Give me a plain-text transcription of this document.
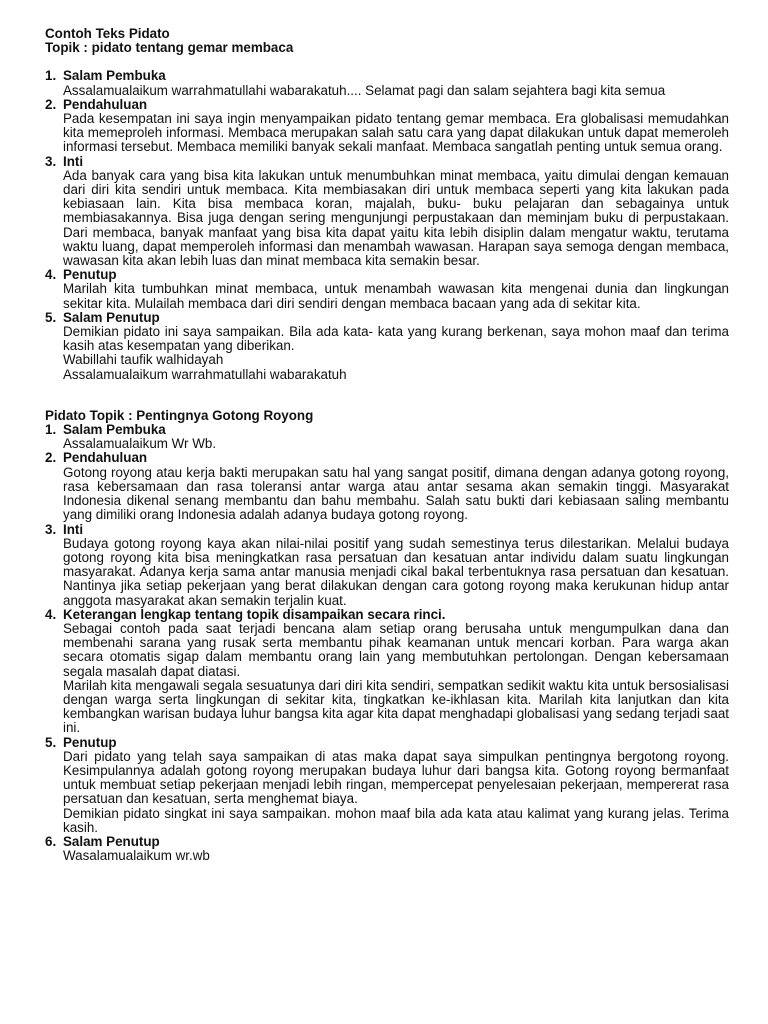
Contoh Teks Pidato

Topik : pidato tentang gemar membaca

1. Salam Pembuka

Assalamualaikum warrahmatullahi wabarakatuh.... Selamat pagi dan salam sejahtera bagi kita semua

2. Pendahuluan

Pada kesempatan ini saya ingin menyampaikan pidato tentang gemar membaca. Era globalisasi memudahkan kita memeproleh informasi. Membaca merupakan salah satu cara yang dapat dilakukan untuk dapat memeroleh informasi tersebut. Membaca memiliki banyak sekali manfaat. Membaca sangatlah penting untuk semua orang.

3. Inti

Ada banyak cara yang bisa kita lakukan untuk menumbuhkan minat membaca, yaitu dimulai dengan kemauan dari diri kita sendiri untuk membaca. Kita membiasakan diri untuk membaca seperti yang kita lakukan pada kebiasaan lain. Kita bisa membaca koran, majalah, buku- buku pelajaran dan sebagainya untuk membiasakannya. Bisa juga dengan sering mengunjungi perpustakaan dan meminjam buku di perpustakaan. Dari membaca, banyak manfaat yang bisa kita dapat yaitu kita lebih disiplin dalam mengatur waktu, terutama waktu luang, dapat memperoleh informasi dan menambah wawasan. Harapan saya semoga dengan membaca, wawasan kita akan lebih luas dan minat membaca kita semakin besar.

4. Penutup

Marilah kita tumbuhkan minat membaca, untuk menambah wawasan kita mengenai dunia dan lingkungan sekitar kita. Mulailah membaca dari diri sendiri dengan membaca bacaan yang ada di sekitar kita.

5. Salam Penutup

Demikian pidato ini saya sampaikan. Bila ada kata- kata yang kurang berkenan, saya mohon maaf dan terima kasih atas kesempatan yang diberikan.

Wabillahi taufik walhidayah

Assalamualaikum warrahmatullahi wabarakatuh

Pidato Topik : Pentingnya Gotong Royong

1. Salam Pembuka

Assalamualaikum Wr Wb.

2. Pendahuluan

Gotong royong atau kerja bakti merupakan satu hal yang sangat positif, dimana dengan adanya gotong royong, rasa kebersamaan dan rasa toleransi antar warga atau antar sesama akan semakin tinggi. Masyarakat Indonesia dikenal senang membantu dan bahu membahu. Salah satu bukti dari kebiasaan saling membantu yang dimiliki orang Indonesia adalah adanya budaya gotong royong.

3. Inti

Budaya gotong royong kaya akan nilai-nilai positif yang sudah semestinya terus dilestarikan. Melalui budaya gotong royong kita bisa meningkatkan rasa persatuan dan kesatuan antar individu dalam suatu lingkungan masyarakat. Adanya kerja sama antar manusia menjadi cikal bakal terbentuknya rasa persatuan dan kesatuan. Nantinya jika setiap pekerjaan yang berat dilakukan dengan cara gotong royong maka kerukunan hidup antar anggota masyarakat akan semakin terjalin kuat.

4. Keterangan lengkap tentang topik disampaikan secara rinci.

Sebagai contoh pada saat terjadi bencana alam setiap orang berusaha untuk mengumpulkan dana dan membenahi sarana yang rusak serta membantu pihak keamanan untuk mencari korban. Para warga akan secara otomatis sigap dalam membantu orang lain yang membutuhkan pertolongan. Dengan kebersamaan segala masalah dapat diatasi.

Marilah kita mengawali segala sesuatunya dari diri kita sendiri, sempatkan sedikit waktu kita untuk bersosialisasi dengan warga serta lingkungan di sekitar kita, tingkatkan ke-ikhlasan kita. Marilah kita lanjutkan dan kita kembangkan warisan budaya luhur bangsa kita agar kita dapat menghadapi globalisasi yang sedang terjadi saat ini.

5. Penutup

Dari pidato yang telah saya sampaikan di atas maka dapat saya simpulkan pentingnya bergotong royong. Kesimpulannya adalah gotong royong merupakan budaya luhur dari bangsa kita. Gotong royong bermanfaat untuk membuat setiap pekerjaan menjadi lebih ringan, mempercepat penyelesaian pekerjaan, mempererat rasa persatuan dan kesatuan, serta menghemat biaya.

Demikian pidato singkat ini saya sampaikan. mohon maaf bila ada kata atau kalimat yang kurang jelas. Terima kasih.

6. Salam Penutup

Wasalamualaikum wr.wb
